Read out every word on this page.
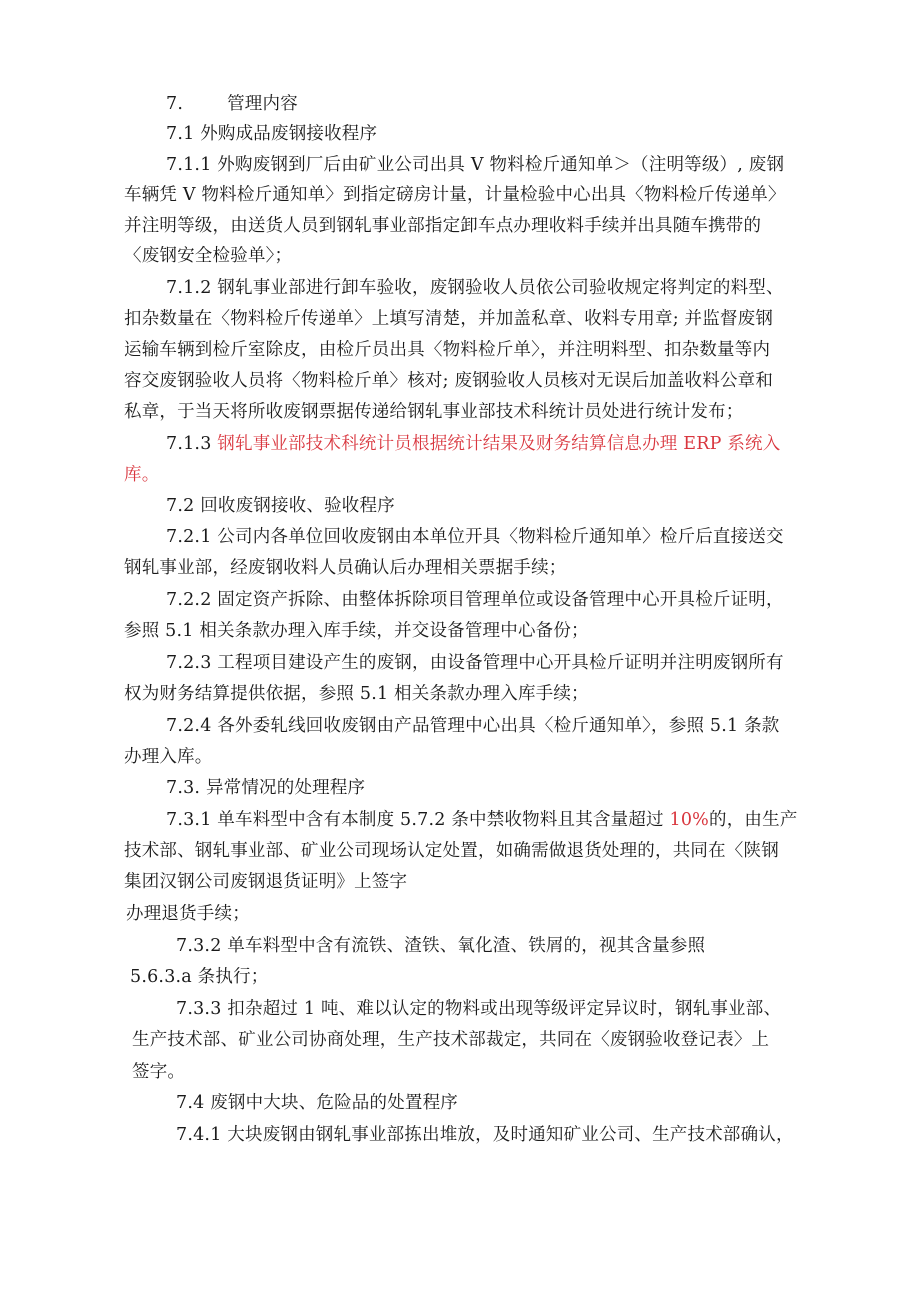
7.	管理内容
7.1 外购成品废钢接收程序
7.1.1 外购废钢到厂后由矿业公司出具 V 物料检斤通知单＞（注明等级）, 废钢
车辆凭 V 物料检斤通知单〉到指定磅房计量，计量检验中心出具〈物料检斤传递单〉
并注明等级，由送货人员到钢轧事业部指定卸车点办理收料手续并出具随车携带的
〈废钢安全检验单〉；
7.1.2 钢轧事业部进行卸车验收，废钢验收人员依公司验收规定将判定的料型、
扣杂数量在〈物料检斤传递单〉上填写清楚，并加盖私章、收料专用章; 并监督废钢
运输车辆到检斤室除皮，由检斤员出具〈物料检斤单〉，并注明料型、扣杂数量等内
容交废钢验收人员将〈物料检斤单〉核对; 废钢验收人员核对无误后加盖收料公章和
私章，于当天将所收废钢票据传递给钢轧事业部技术科统计员处进行统计发布；
7.1.3 钢轧事业部技术科统计员根据统计结果及财务结算信息办理 ERP 系统入
库。
7.2 回收废钢接收、验收程序
7.2.1 公司内各单位回收废钢由本单位开具〈物料检斤通知单〉检斤后直接送交
钢轧事业部，经废钢收料人员确认后办理相关票据手续；
7.2.2 固定资产拆除、由整体拆除项目管理单位或设备管理中心开具检斤证明，
参照 5.1 相关条款办理入库手续，并交设备管理中心备份；
7.2.3 工程项目建设产生的废钢，由设备管理中心开具检斤证明并注明废钢所有
权为财务结算提供依据，参照 5.1 相关条款办理入库手续；
7.2.4 各外委轧线回收废钢由产品管理中心出具〈检斤通知单〉，参照 5.1 条款
办理入库。
7.3. 异常情况的处理程序
7.3.1 单车料型中含有本制度 5.7.2 条中禁收物料且其含量超过 10%的，由生产
技术部、钢轧事业部、矿业公司现场认定处置，如确需做退货处理的，共同在〈陕钢
集团汉钢公司废钢退货证明》上签字
办理退货手续；
7.3.2 单车料型中含有流铁、渣铁、氧化渣、铁屑的，视其含量参照
5.6.3.a 条执行；
7.3.3 扣杂超过 1 吨、难以认定的物料或出现等级评定异议时，钢轧事业部、
生产技术部、矿业公司协商处理，生产技术部裁定，共同在〈废钢验收登记表〉上
签字。
7.4 废钢中大块、危险品的处置程序
7.4.1 大块废钢由钢轧事业部拣出堆放，及时通知矿业公司、生产技术部确认，
